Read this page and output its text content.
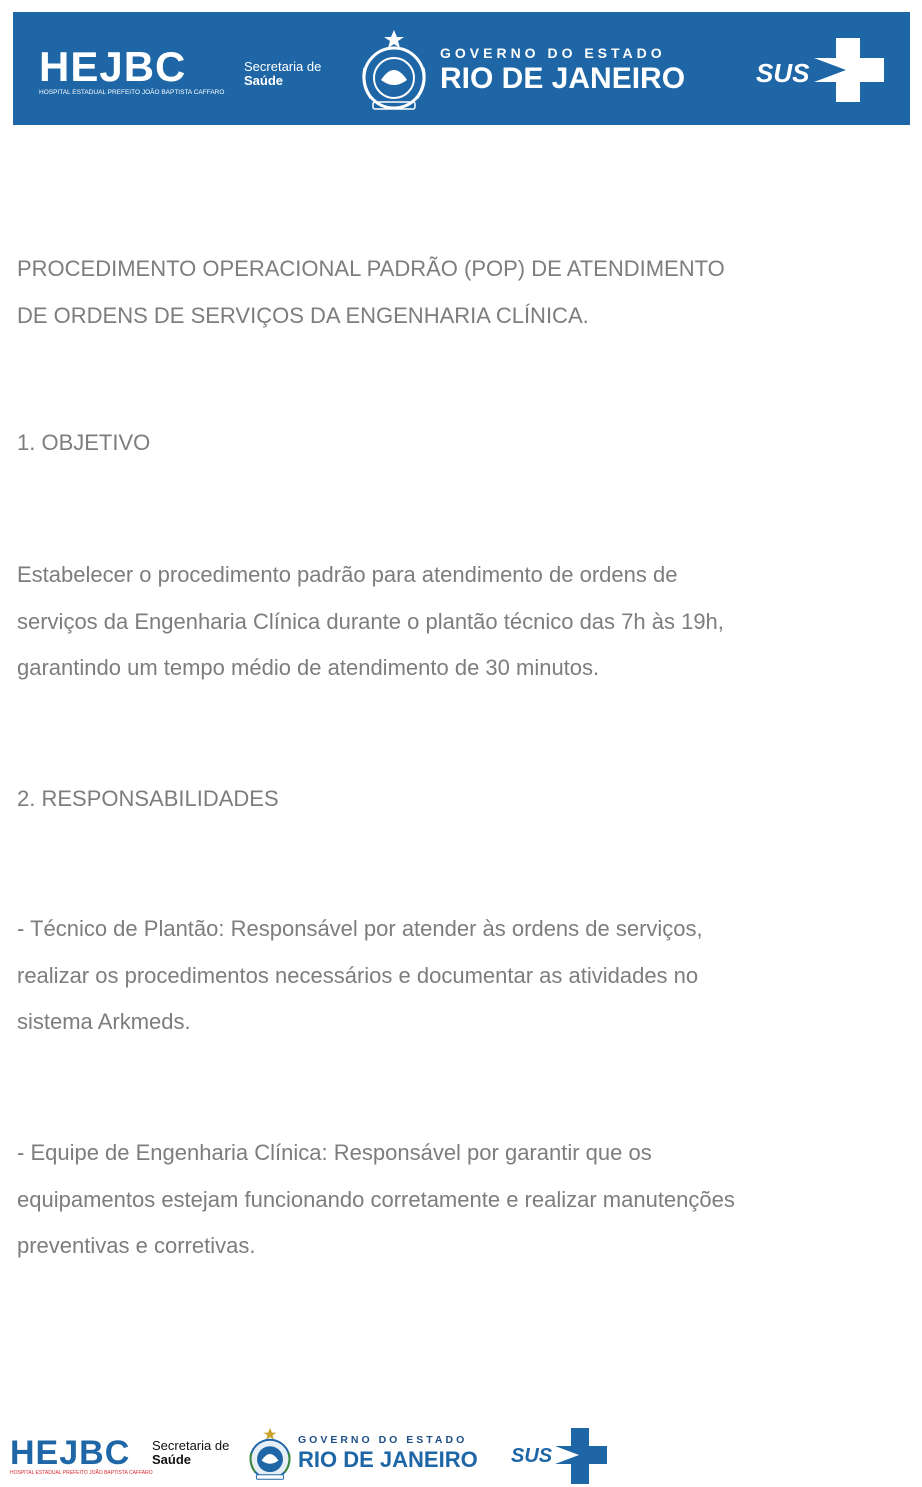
HEJBC
HOSPITAL ESTADUAL PREFEITO JOÃO BAPTISTA CAFFARO
Secretaria de
Saúde
GOVERNO DO ESTADO
RIO DE JANEIRO	SUS

PROCEDIMENTO OPERACIONAL PADRÃO (POP) DE ATENDIMENTO

DE ORDENS DE SERVIÇOS DA ENGENHARIA CLÍNICA.

1. OBJETIVO

Estabelecer o procedimento padrão para atendimento de ordens de

serviços da Engenharia Clínica durante o plantão técnico das 7h às 19h,

garantindo um tempo médio de atendimento de 30 minutos.

2. RESPONSABILIDADES

- Técnico de Plantão: Responsável por atender às ordens de serviços,

realizar os procedimentos necessários e documentar as atividades no

sistema Arkmeds.

- Equipe de Engenharia Clínica: Responsável por garantir que os

equipamentos estejam funcionando corretamente e realizar manutenções

preventivas e corretivas.

HEJBC
HOSPITAL ESTADUAL PREFEITO JOÃO BAPTISTA CAFFARO
Secretaria de
Saúde
GOVERNO DO ESTADO
RIO DE JANEIRO SUS
